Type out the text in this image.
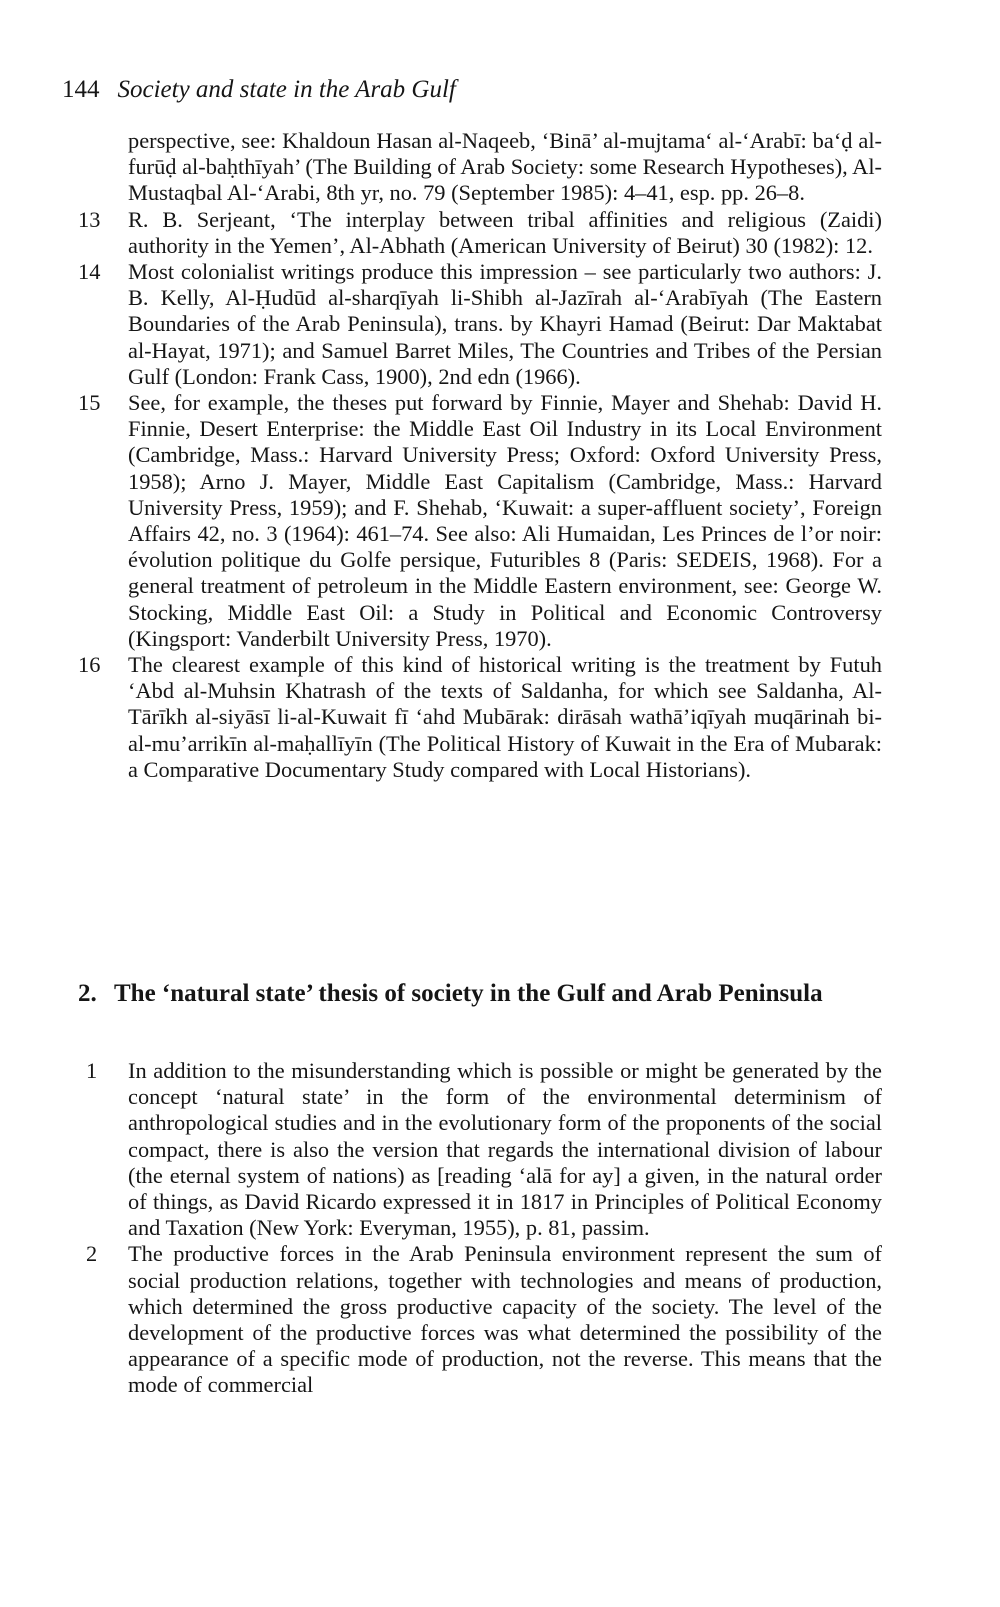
144 Society and state in the Arab Gulf
perspective, see: Khaldoun Hasan al-Naqeeb, ‘Binā’ al-mujtama‘ al-‘Arabī: ba‘ḍ al-furūḍ al-baḥthīyah’ (The Building of Arab Society: some Research Hypotheses), Al-Mustaqbal Al-‘Arabi, 8th yr, no. 79 (September 1985): 4–41, esp. pp. 26–8.
13	R. B. Serjeant, ‘The interplay between tribal affinities and religious (Zaidi) authority in the Yemen’, Al-Abhath (American University of Beirut) 30 (1982): 12.
14	Most colonialist writings produce this impression – see particularly two authors: J. B. Kelly, Al-Ḥudūd al-sharqīyah li-Shibh al-Jazīrah al-‘Arabīyah (The Eastern Boundaries of the Arab Peninsula), trans. by Khayri Hamad (Beirut: Dar Maktabat al-Hayat, 1971); and Samuel Barret Miles, The Countries and Tribes of the Persian Gulf (London: Frank Cass, 1900), 2nd edn (1966).
15	See, for example, the theses put forward by Finnie, Mayer and Shehab: David H. Finnie, Desert Enterprise: the Middle East Oil Industry in its Local Environment (Cambridge, Mass.: Harvard University Press; Oxford: Oxford University Press, 1958); Arno J. Mayer, Middle East Capitalism (Cambridge, Mass.: Harvard University Press, 1959); and F. Shehab, ‘Kuwait: a super-affluent society’, Foreign Affairs 42, no. 3 (1964): 461–74. See also: Ali Humaidan, Les Princes de l’or noir: évolution politique du Golfe persique, Futuribles 8 (Paris: SEDEIS, 1968). For a general treatment of petroleum in the Middle Eastern environment, see: George W. Stocking, Middle East Oil: a Study in Political and Economic Controversy (Kingsport: Vanderbilt University Press, 1970).
16	The clearest example of this kind of historical writing is the treatment by Futuh ‘Abd al-Muhsin Khatrash of the texts of Saldanha, for which see Saldanha, Al-Tārīkh al-siyāsī li-al-Kuwait fī ‘ahd Mubārak: dirāsah wathā’iqīyah muqārinah bi-al-mu’arrikīn al-maḥallīyīn (The Political History of Kuwait in the Era of Mubarak: a Comparative Documentary Study compared with Local Historians).
2. The ‘natural state’ thesis of society in the Gulf and Arab Peninsula
1	In addition to the misunderstanding which is possible or might be generated by the concept ‘natural state’ in the form of the environmental determinism of anthropological studies and in the evolutionary form of the proponents of the social compact, there is also the version that regards the international division of labour (the eternal system of nations) as [reading ‘alā for ay] a given, in the natural order of things, as David Ricardo expressed it in 1817 in Principles of Political Economy and Taxation (New York: Everyman, 1955), p. 81, passim.
2	The productive forces in the Arab Peninsula environment represent the sum of social production relations, together with technologies and means of production, which determined the gross productive capacity of the society. The level of the development of the productive forces was what determined the possibility of the appearance of a specific mode of production, not the reverse. This means that the mode of commercial
